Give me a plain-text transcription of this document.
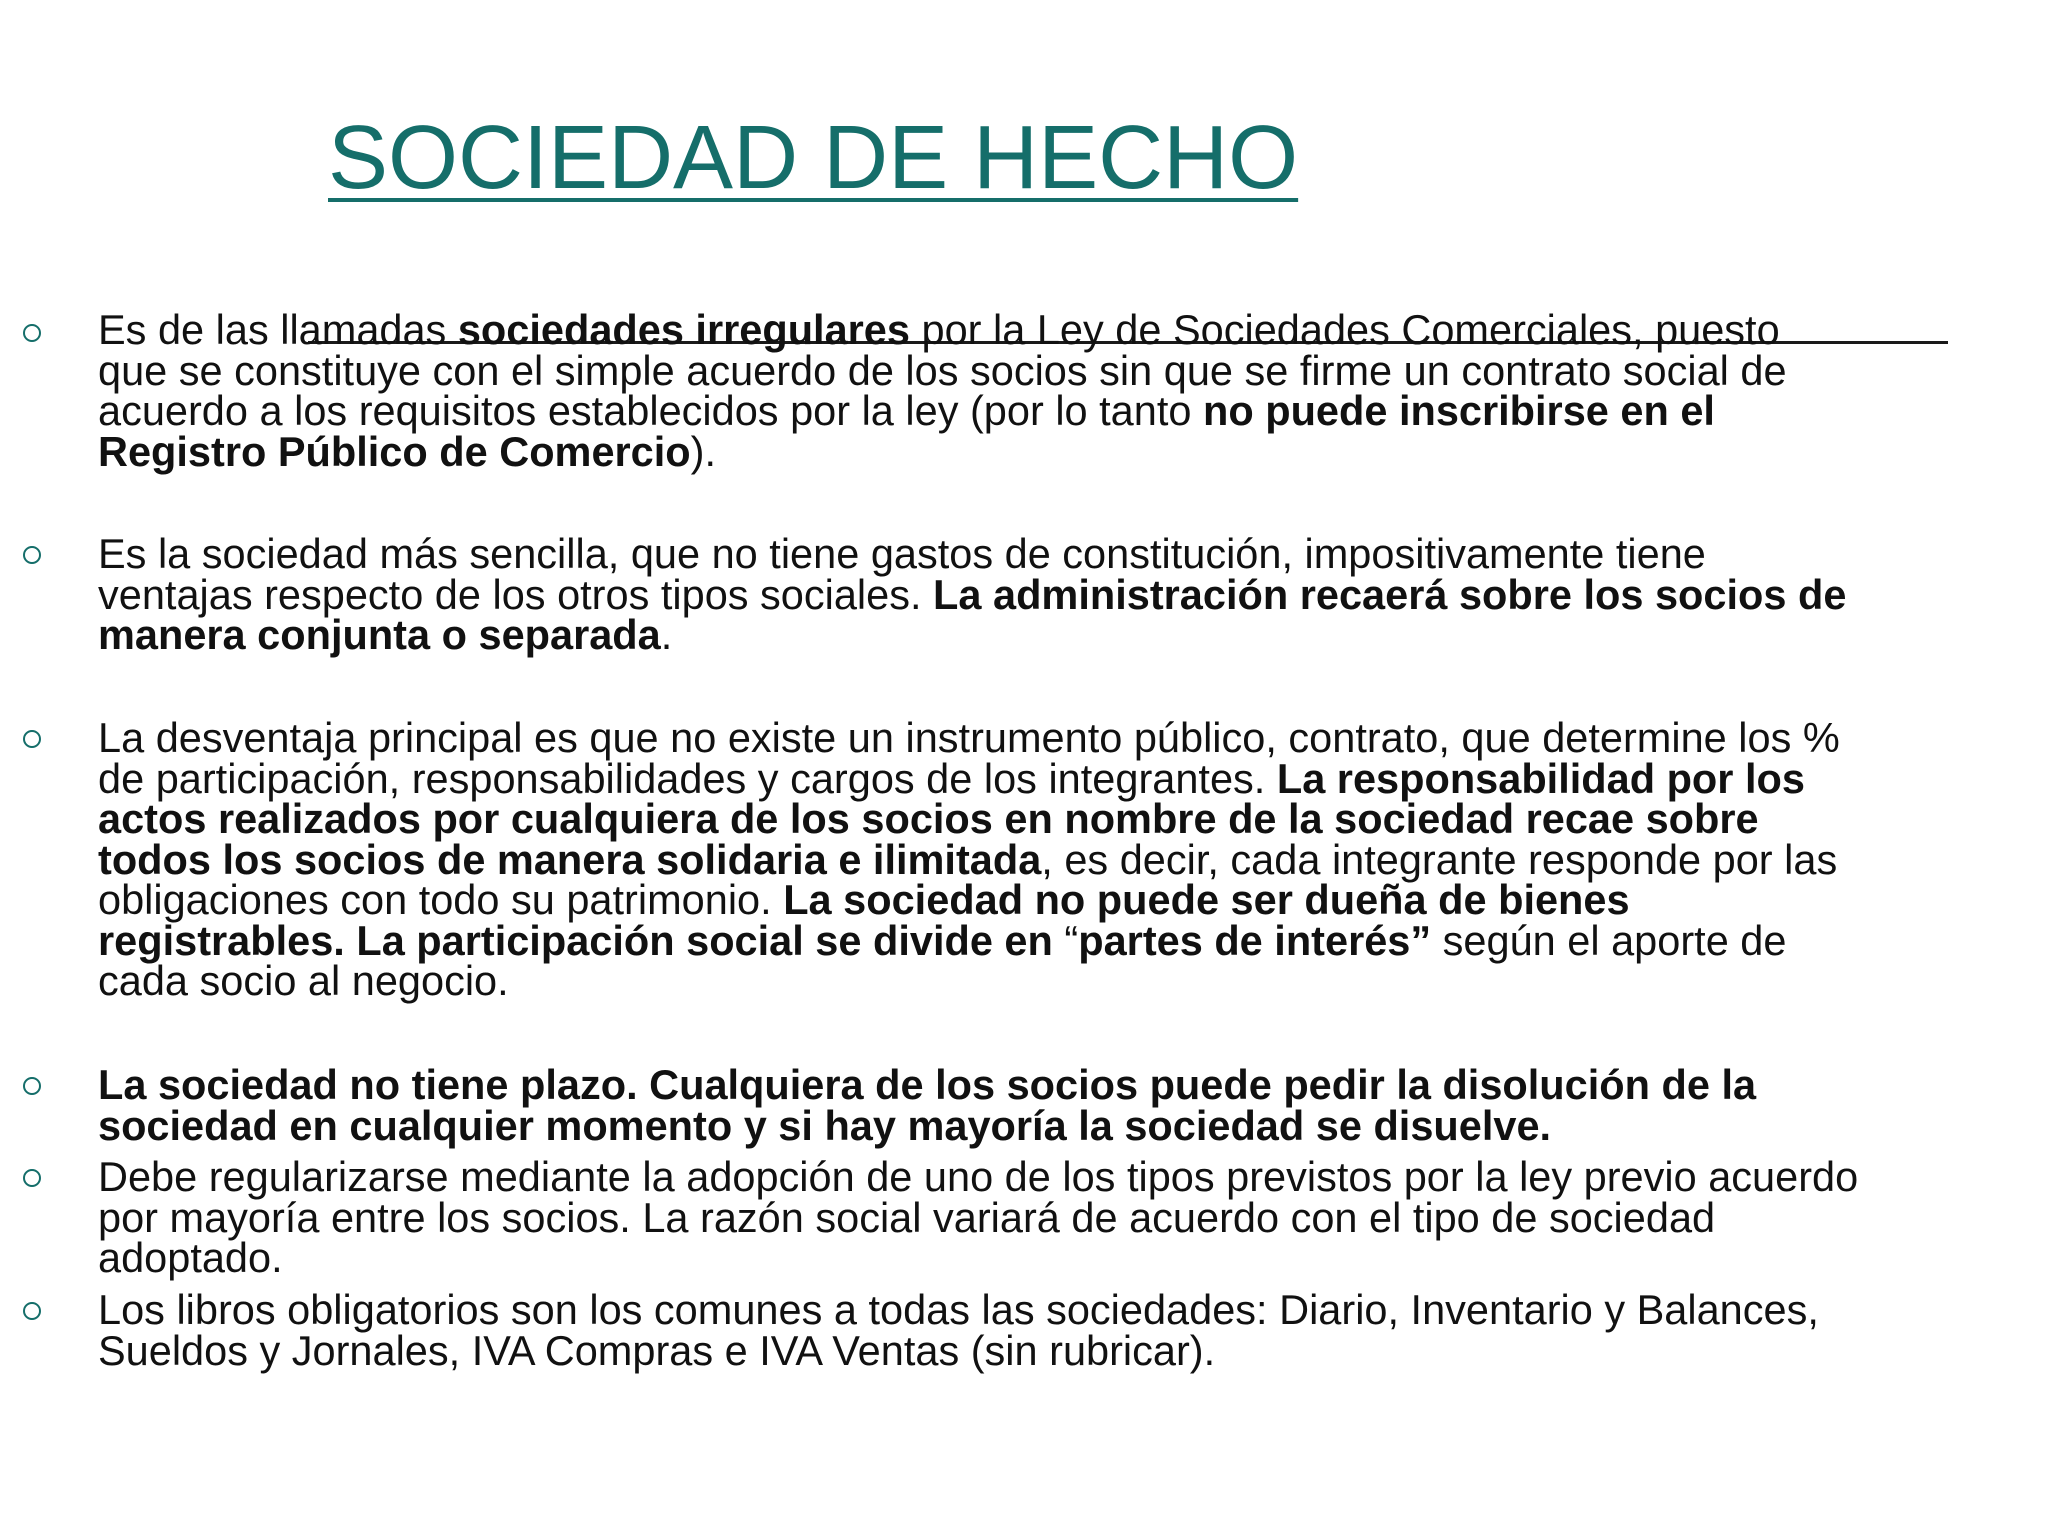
SOCIEDAD DE HECHO
Es de las llamadas sociedades irregulares por la Ley de Sociedades Comerciales, puesto
que se constituye con el simple acuerdo de los socios sin que se firme un contrato social de
acuerdo a los requisitos establecidos por la ley (por lo tanto no puede inscribirse en el
Registro Público de Comercio).
Es la sociedad más sencilla, que no tiene gastos de constitución, impositivamente tiene
ventajas respecto de los otros tipos sociales. La administración recaerá sobre los socios de
manera conjunta o separada.
La desventaja principal es que no existe un instrumento público, contrato, que determine los %
de participación, responsabilidades y cargos de los integrantes. La responsabilidad por los
actos realizados por cualquiera de los socios en nombre de la sociedad recae sobre
todos los socios de manera solidaria e ilimitada, es decir, cada integrante responde por las
obligaciones con todo su patrimonio. La sociedad no puede ser dueña de bienes
registrables. La participación social se divide en “partes de interés” según el aporte de
cada socio al negocio.
La sociedad no tiene plazo. Cualquiera de los socios puede pedir la disolución de la
sociedad en cualquier momento y si hay mayoría la sociedad se disuelve.
Debe regularizarse mediante la adopción de uno de los tipos previstos por la ley previo acuerdo
por mayoría entre los socios. La razón social variará de acuerdo con el tipo de sociedad
adoptado.
Los libros obligatorios son los comunes a todas las sociedades: Diario, Inventario y Balances,
Sueldos y Jornales, IVA Compras e IVA Ventas (sin rubricar).
